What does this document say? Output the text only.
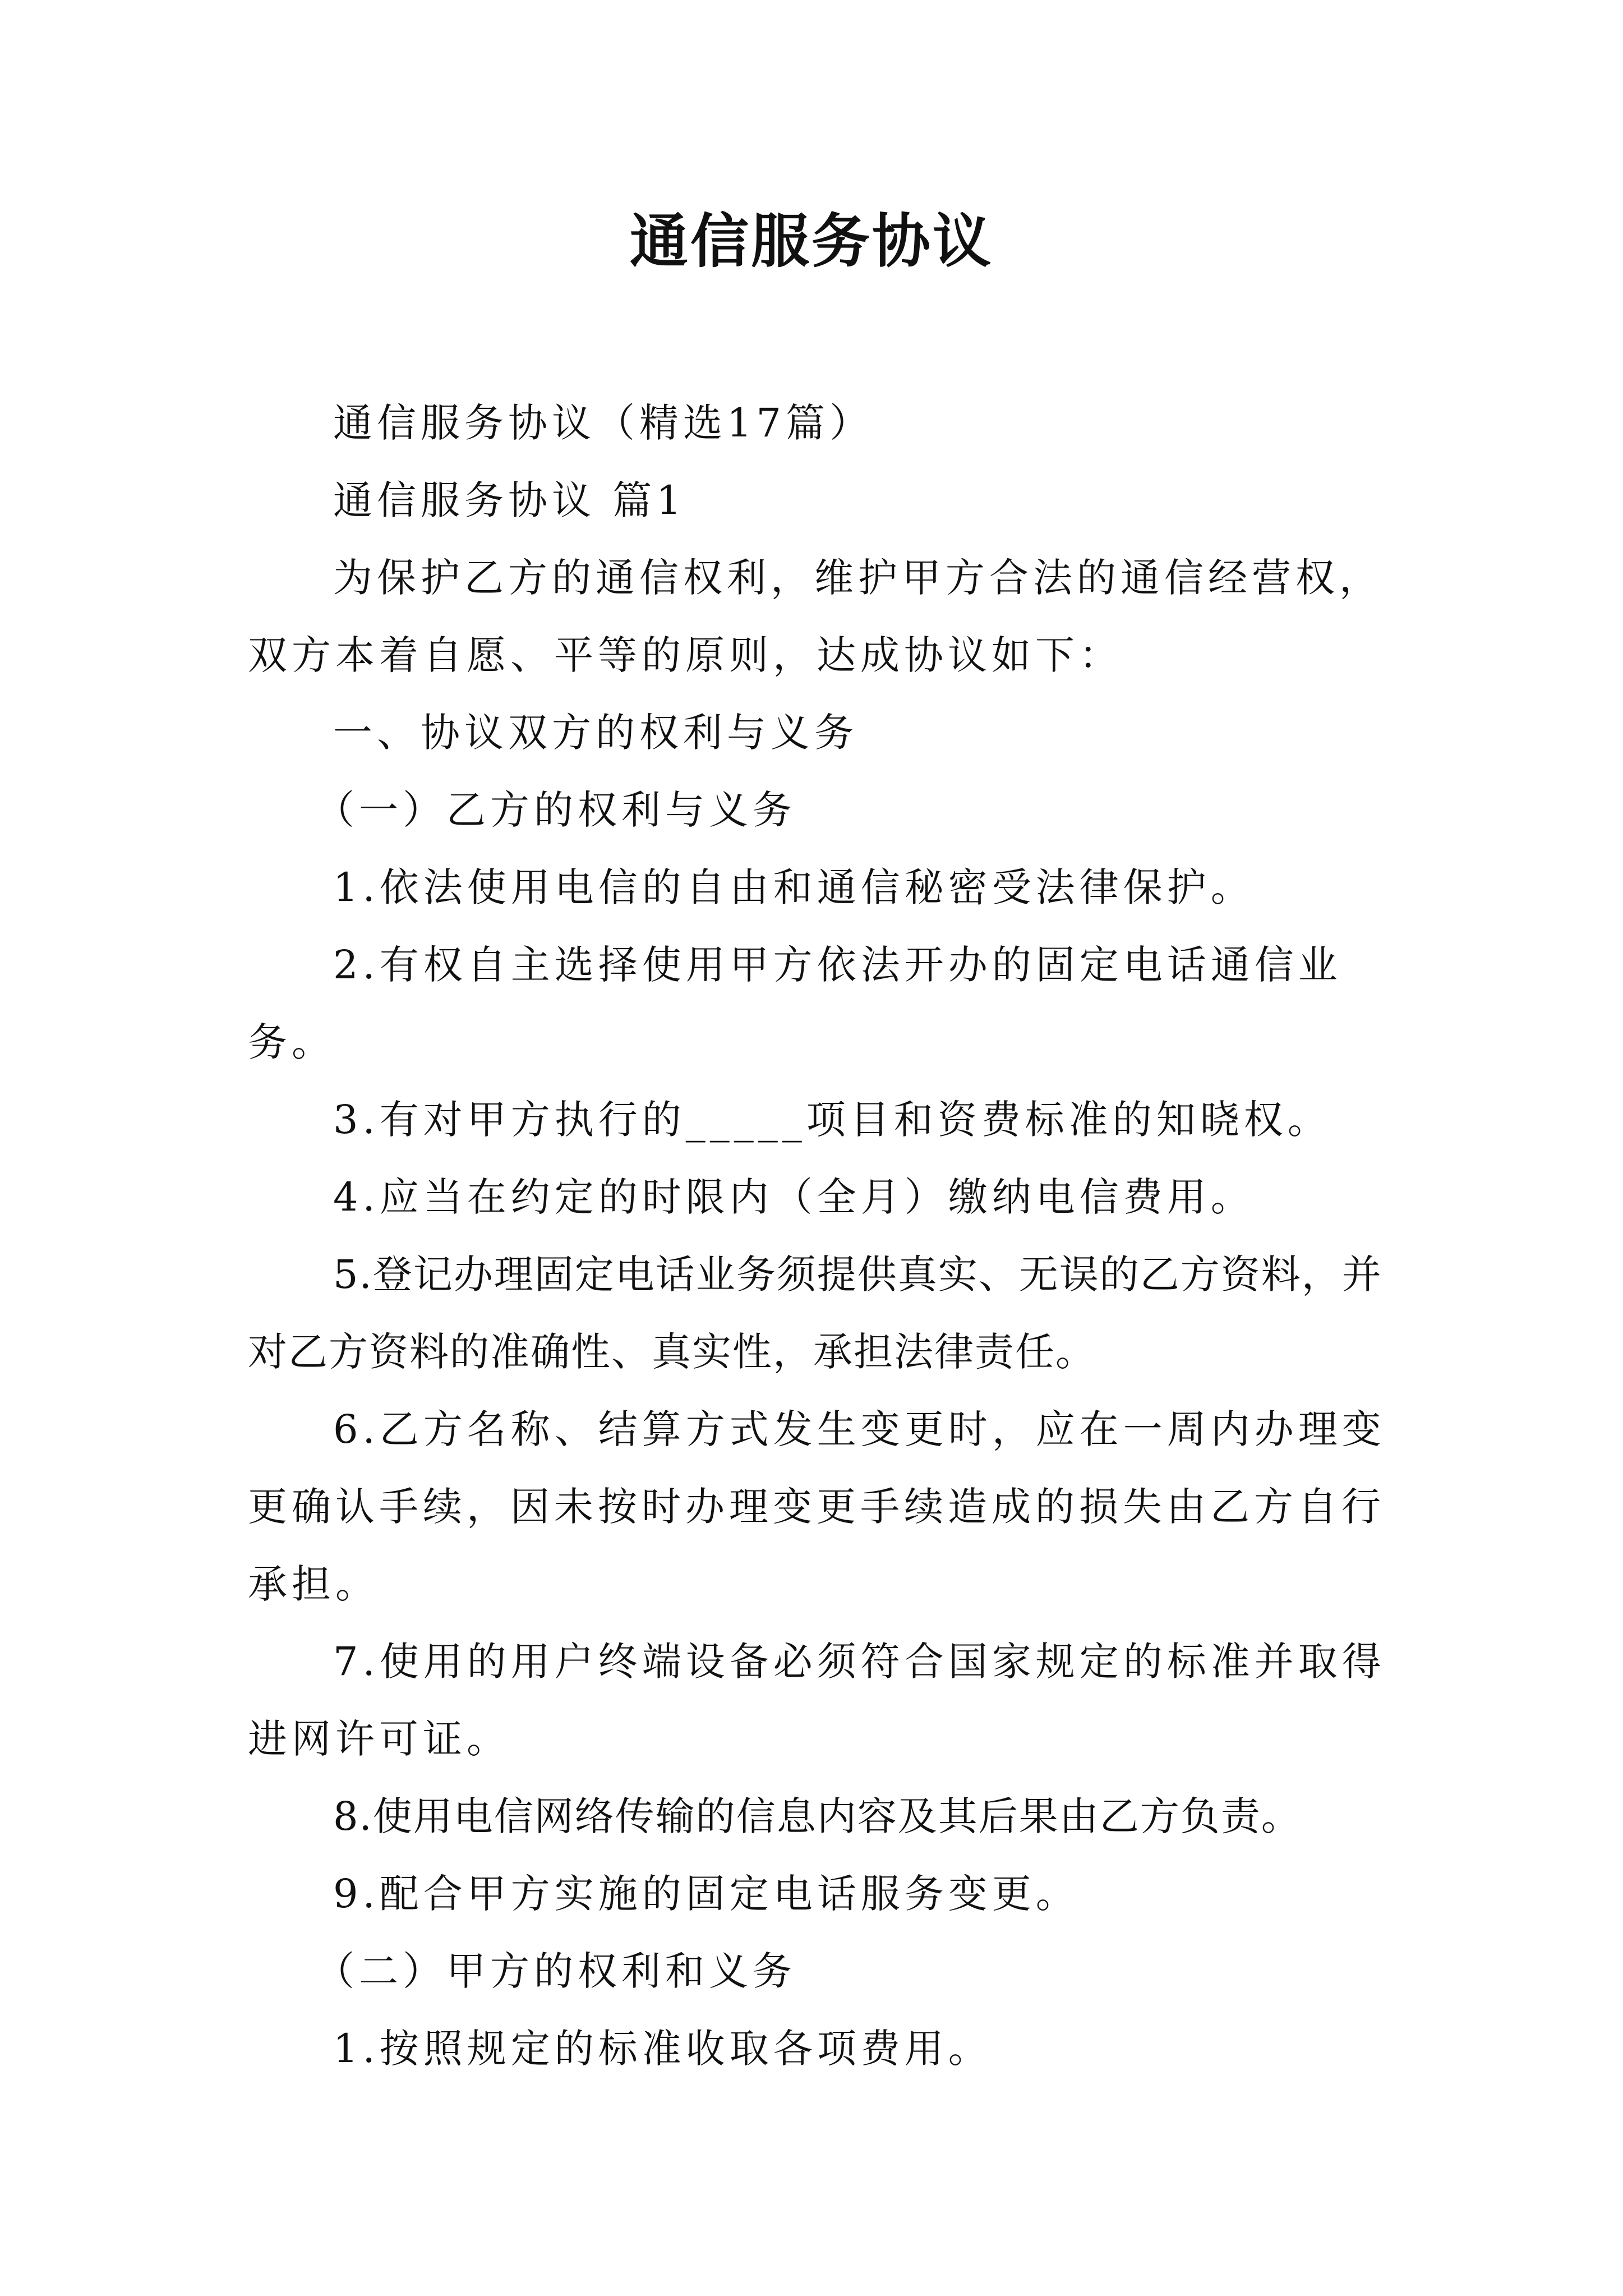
通信服务协议

通信服务协议（精选17篇）

通信服务协议 篇1

为保护乙方的通信权利，维护甲方合法的通信经营权，双方本着自愿、平等的原则，达成协议如下：

一、协议双方的权利与义务

（一）乙方的权利与义务

1.依法使用电信的自由和通信秘密受法律保护。

2.有权自主选择使用甲方依法开办的固定电话通信业务。

3.有对甲方执行的_____项目和资费标准的知晓权。

4.应当在约定的时限内（全月）缴纳电信费用。

5.登记办理固定电话业务须提供真实、无误的乙方资料，并对乙方资料的准确性、真实性，承担法律责任。

6.乙方名称、结算方式发生变更时，应在一周内办理变更确认手续，因未按时办理变更手续造成的损失由乙方自行承担。

7.使用的用户终端设备必须符合国家规定的标准并取得进网许可证。

8.使用电信网络传输的信息内容及其后果由乙方负责。

9.配合甲方实施的固定电话服务变更。

（二）甲方的权利和义务

1.按照规定的标准收取各项费用。
